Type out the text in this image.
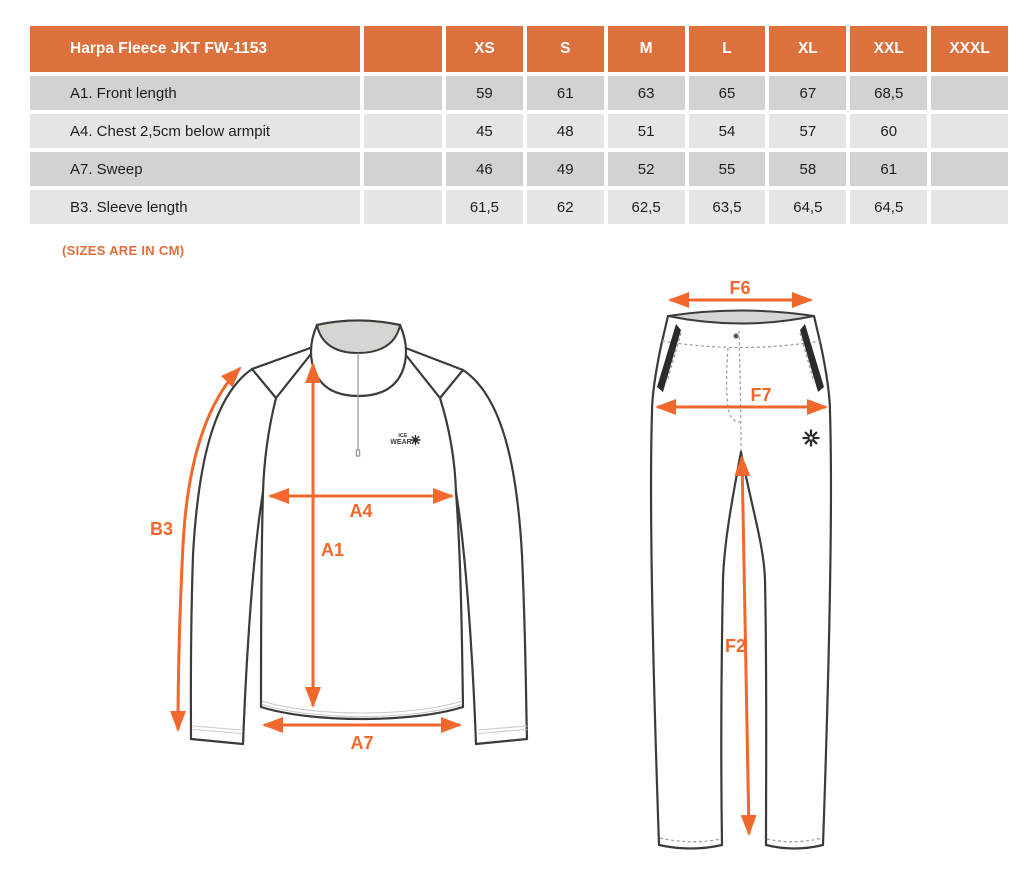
Harpa Fleece JKT FW-1153	XS	S	M	L	XL	XXL	XXXL
A1. Front length	59	61	63	65	67	68,5
A4. Chest 2,5cm below armpit	45	48	51	54	57	60
A7. Sweep	46	49	52	55	58	61
B3. Sleeve length	61,5	62	62,5	63,5	64,5	64,5
(SIZES ARE IN CM)
ICE
WEAR
B3
A4
A1
A7
F6
F7
F2
